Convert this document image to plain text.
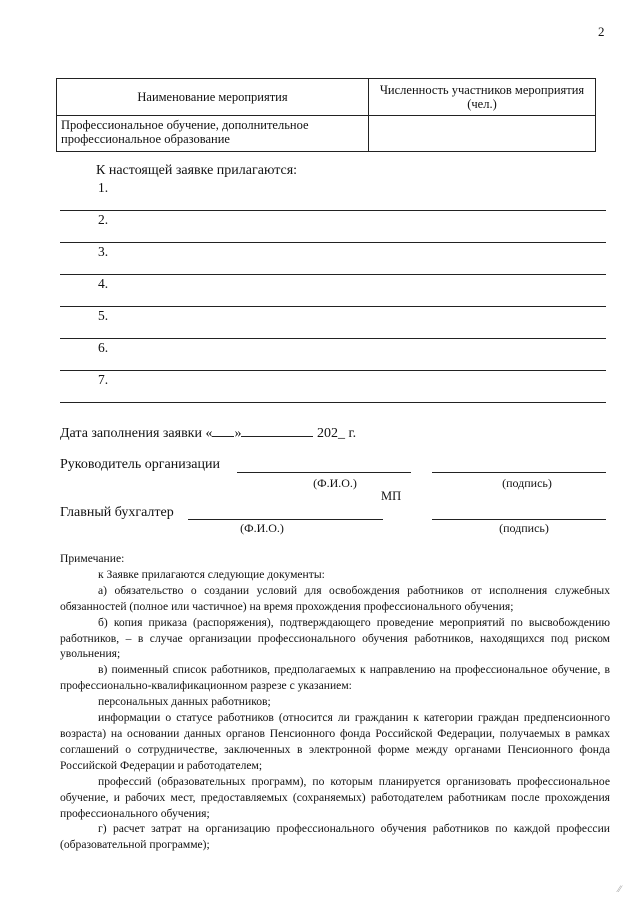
2
Наименование мероприятия	Численность участников мероприятия (чел.)
Профессиональное обучение, дополнительное профессиональное образование	
К настоящей заявке прилагаются:
1.
2.
3.
4.
5.
6.
7.
Дата заполнения заявки « »	202_ г.
Руководитель организации
(Ф.И.О.)	(подпись)
МП
Главный бухгалтер
(Ф.И.О.)	(подпись)

Примечание:

к Заявке прилагаются следующие документы:

а) обязательство о создании условий для освобождения работников от исполнения служебных обязанностей (полное или частичное) на время прохождения профессионального обучения;

б) копия приказа (распоряжения), подтверждающего проведение мероприятий по высвобождению работников, – в случае организации профессионального обучения работников, находящихся под риском увольнения;

в) поименный список работников, предполагаемых к направлению на профессиональное обучение, в профессионально-квалификационном разрезе с указанием:

персональных данных работников;

информации о статусе работников (относится ли гражданин к категории граждан предпенсионного возраста) на основании данных органов Пенсионного фонда Российской Федерации, получаемых в рамках соглашений о сотрудничестве, заключенных в электронной форме между органами Пенсионного фонда Российской Федерации и работодателем;

профессий (образовательных программ), по которым планируется организовать профессиональное обучение, и рабочих мест, предоставляемых (сохраняемых) работодателем работникам после прохождения профессионального обучения;

г) расчет затрат на организацию профессионального обучения работников по каждой профессии (образовательной программе);

⁄⁄
